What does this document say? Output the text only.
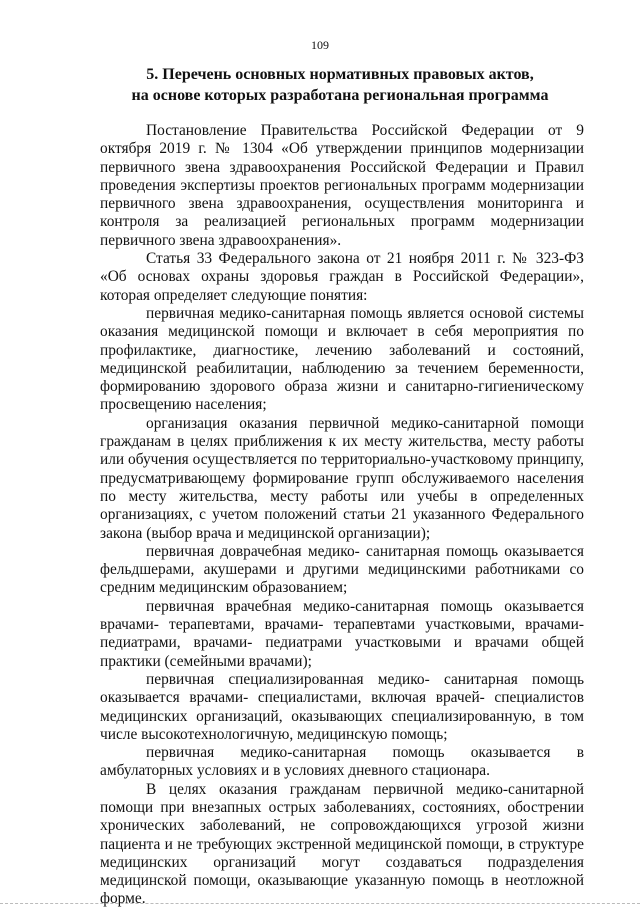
109
5. Перечень основных нормативных правовых актов,
на основе которых разработана региональная программа

Постановление Правительства Российской Федерации от 9 октября 2019 г. № 1304 «Об утверждении принципов модернизации первичного звена здравоохранения Российской Федерации и Правил проведения экспертизы проектов региональных программ модернизации первичного звена здравоохранения, осуществления мониторинга и контроля за реализацией региональных программ модернизации первичного звена здравоохранения».

Статья 33 Федерального закона от 21 ноября 2011 г. № 323-ФЗ «Об основах охраны здоровья граждан в Российской Федерации», которая определяет следующие понятия:

первичная медико-санитарная помощь является основой системы оказания медицинской помощи и включает в себя мероприятия по профилактике, диагностике, лечению заболеваний и состояний, медицинской реабилитации, наблюдению за течением беременности, формированию здорового образа жизни и санитарно-гигиеническому просвещению населения;

организация оказания первичной медико-санитарной помощи гражданам в целях приближения к их месту жительства, месту работы или обучения осуществляется по территориально-участковому принципу, предусматривающему формирование групп обслуживаемого населения по месту жительства, месту работы или учебы в определенных организациях, с учетом положений статьи 21 указанного Федерального закона (выбор врача и медицинской организации);

первичная доврачебная медико- санитарная помощь оказывается фельдшерами, акушерами и другими медицинскими работниками со средним медицинским образованием;

первичная врачебная медико-санитарная помощь оказывается врачами- терапевтами, врачами- терапевтами участковыми, врачами-педиатрами, врачами- педиатрами участковыми и врачами общей практики (семейными врачами);

первичная специализированная медико- санитарная помощь оказывается врачами- специалистами, включая врачей- специалистов медицинских организаций, оказывающих специализированную, в том числе высокотехнологичную, медицинскую помощь;

первичная медико-санитарная помощь оказывается в амбулаторных условиях и в условиях дневного стационара.

В целях оказания гражданам первичной медико-санитарной помощи при внезапных острых заболеваниях, состояниях, обострении хронических заболеваний, не сопровождающихся угрозой жизни пациента и не требующих экстренной медицинской помощи, в структуре медицинских организаций могут создаваться подразделения медицинской помощи, оказывающие указанную помощь в неотложной форме.
